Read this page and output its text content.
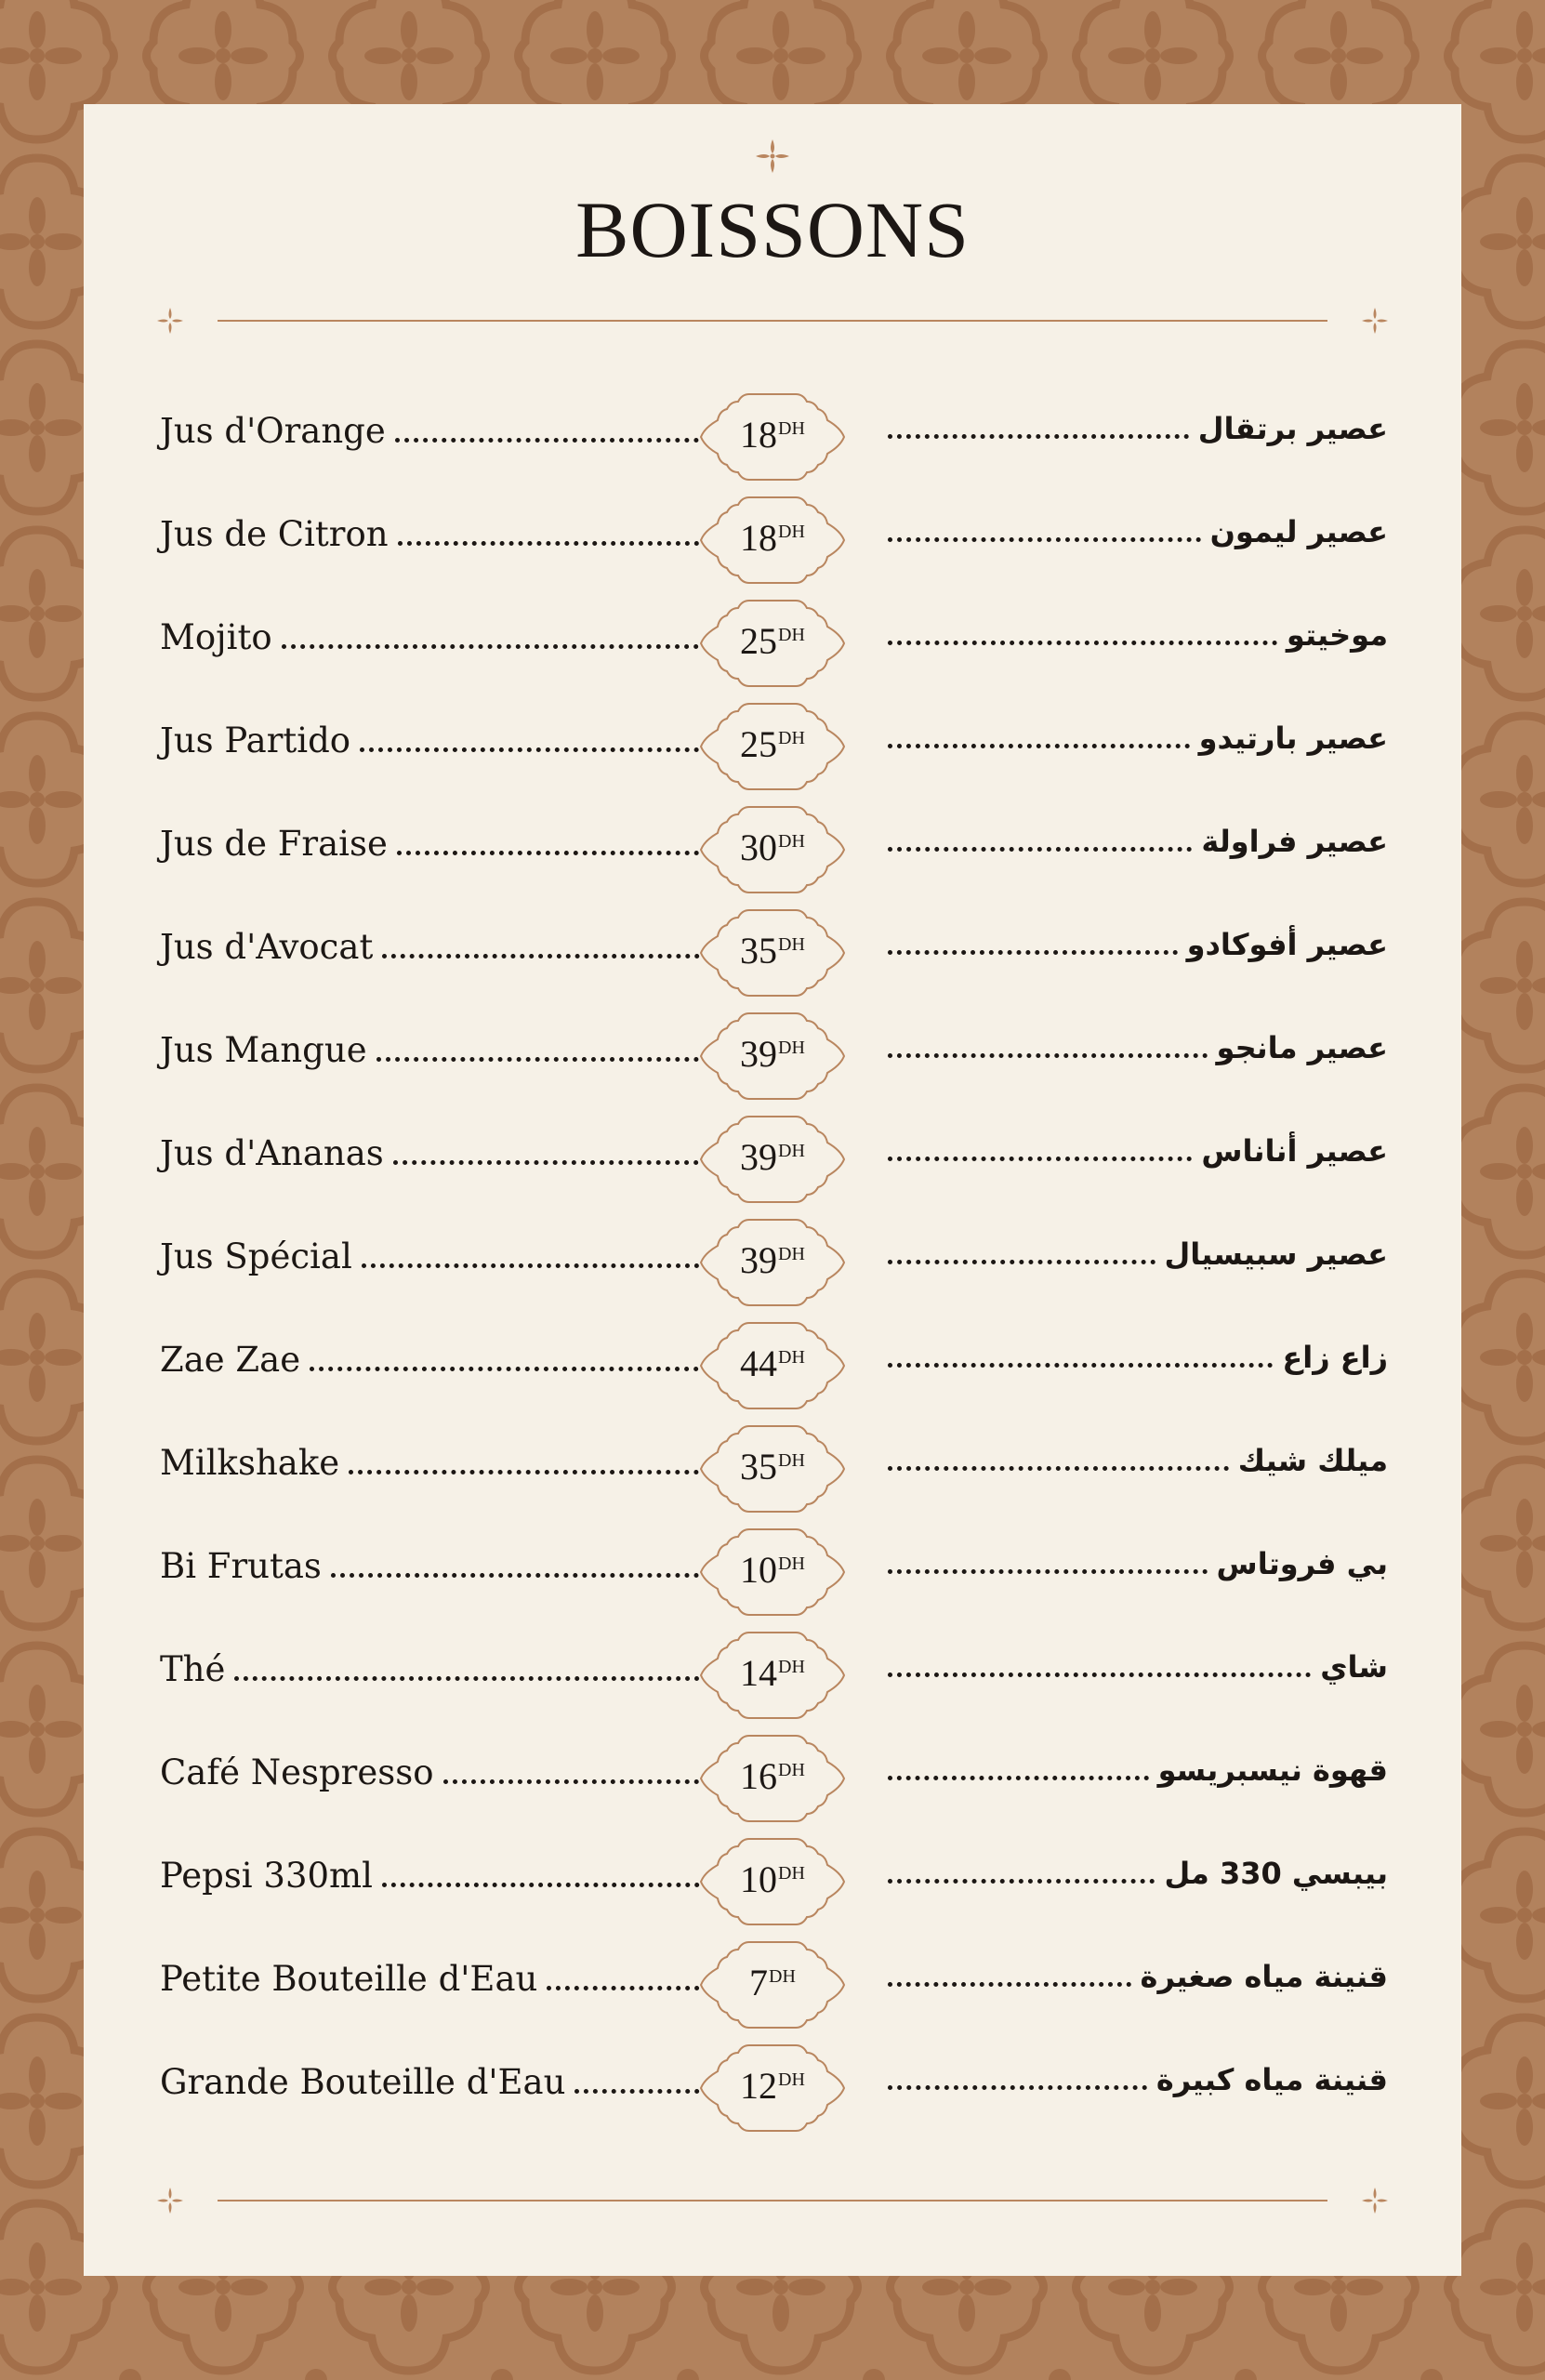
BOISSONS
Jus d'Orange	$18^{DH}$	عصير برتقال
Jus de Citron	$18^{DH}$	عصير ليمون
Mojito	$25^{DH}$	موخيتو
Jus Partido	$25^{DH}$	عصير بارتيدو
Jus de Fraise	$30^{DH}$	عصير فراولة
Jus d'Avocat	$35^{DH}$	عصير أفوكادو
Jus Mangue	$39^{DH}$	عصير مانجو
Jus d'Ananas	$39^{DH}$	عصير أناناس
Jus Spécial	$39^{DH}$	عصير سبيسيال
Zae Zae	$44^{DH}$	زاع زاع
Milkshake	$35^{DH}$	ميلك شيك
Bi Frutas	$10^{DH}$	بي فروتاس
Thé	$14^{DH}$	شاي
Café Nespresso	$16^{DH}$	قهوة نيسبريسو
Pepsi 330ml	$10^{DH}$	بيبسي 330 مل
Petite Bouteille d'Eau	$7^{DH}$	قنينة مياه صغيرة
Grande Bouteille d'Eau	$12^{DH}$	قنينة مياه كبيرة
